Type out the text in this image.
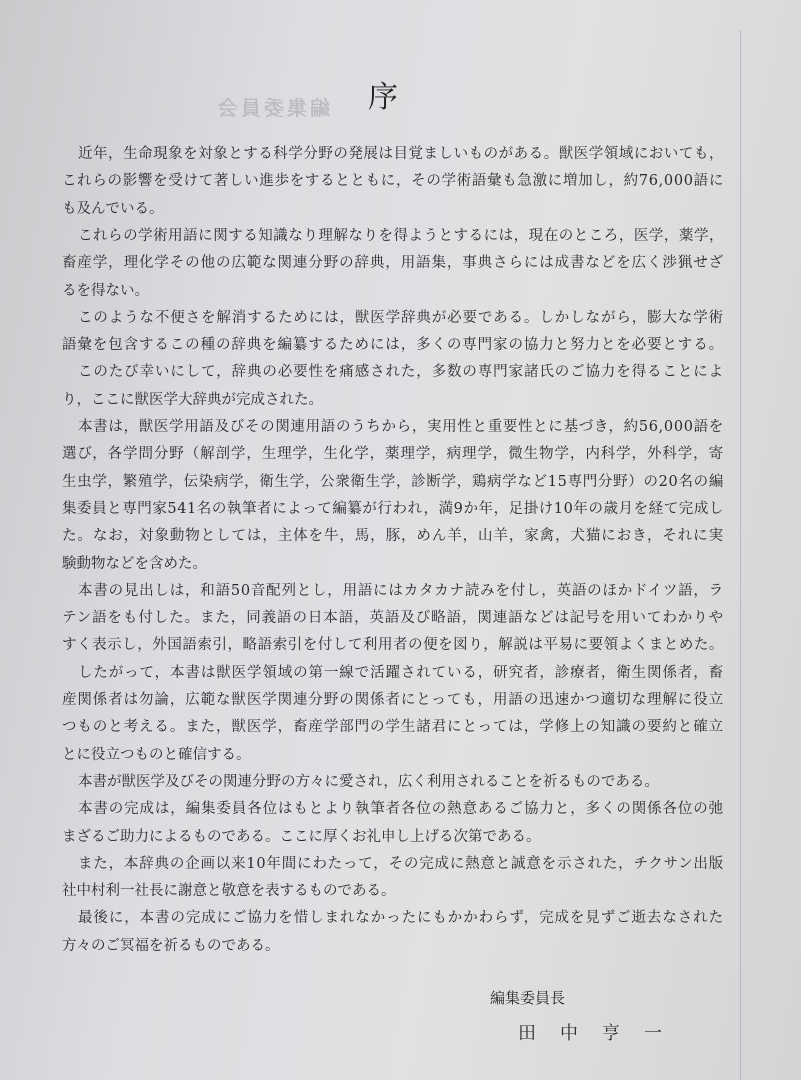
編集委員会 序
近年，生命現象を対象とする科学分野の発展は目覚ましいものがある。獣医学領域においても，
これらの影響を受けて著しい進歩をするとともに，その学術語彙も急激に増加し，約76,000語に
も及んでいる。
これらの学術用語に関する知識なり理解なりを得ようとするには，現在のところ，医学，薬学，
畜産学，理化学その他の広範な関連分野の辞典，用語集，事典さらには成書などを広く渉猟せざ
るを得ない。
このような不便さを解消するためには，獣医学辞典が必要である。しかしながら，膨大な学術
語彙を包含するこの種の辞典を編纂するためには，多くの専門家の協力と努力とを必要とする。
このたび幸いにして，辞典の必要性を痛感された，多数の専門家諸氏のご協力を得ることによ
り，ここに獣医学大辞典が完成された。
本書は，獣医学用語及びその関連用語のうちから，実用性と重要性とに基づき，約56,000語を
選び，各学問分野（解剖学，生理学，生化学，薬理学，病理学，微生物学，内科学，外科学，寄
生虫学，繁殖学，伝染病学，衛生学，公衆衛生学，診断学，鶏病学など15専門分野）の20名の編
集委員と専門家541名の執筆者によって編纂が行われ，満9か年，足掛け10年の歳月を経て完成し
た。なお，対象動物としては，主体を牛，馬，豚，めん羊，山羊，家禽，犬猫におき，それに実
験動物などを含めた。
本書の見出しは，和語50音配列とし，用語にはカタカナ読みを付し，英語のほかドイツ語，ラ
テン語をも付した。また，同義語の日本語，英語及び略語，関連語などは記号を用いてわかりや
すく表示し，外国語索引，略語索引を付して利用者の便を図り，解説は平易に要領よくまとめた。
したがって，本書は獣医学領域の第一線で活躍されている，研究者，診療者，衛生関係者，畜
産関係者は勿論，広範な獣医学関連分野の関係者にとっても，用語の迅速かつ適切な理解に役立
つものと考える。また，獣医学，畜産学部門の学生諸君にとっては，学修上の知識の要約と確立
とに役立つものと確信する。
本書が獣医学及びその関連分野の方々に愛され，広く利用されることを祈るものである。
本書の完成は，編集委員各位はもとより執筆者各位の熱意あるご協力と，多くの関係各位の弛
まざるご助力によるものである。ここに厚くお礼申し上げる次第である。
また，本辞典の企画以来10年間にわたって，その完成に熱意と誠意を示された，チクサン出版
社中村利一社長に謝意と敬意を表するものである。
最後に，本書の完成にご協力を惜しまれなかったにもかかわらず，完成を見ずご逝去なされた
方々のご冥福を祈るものである。
編集委員長
田中亨一
